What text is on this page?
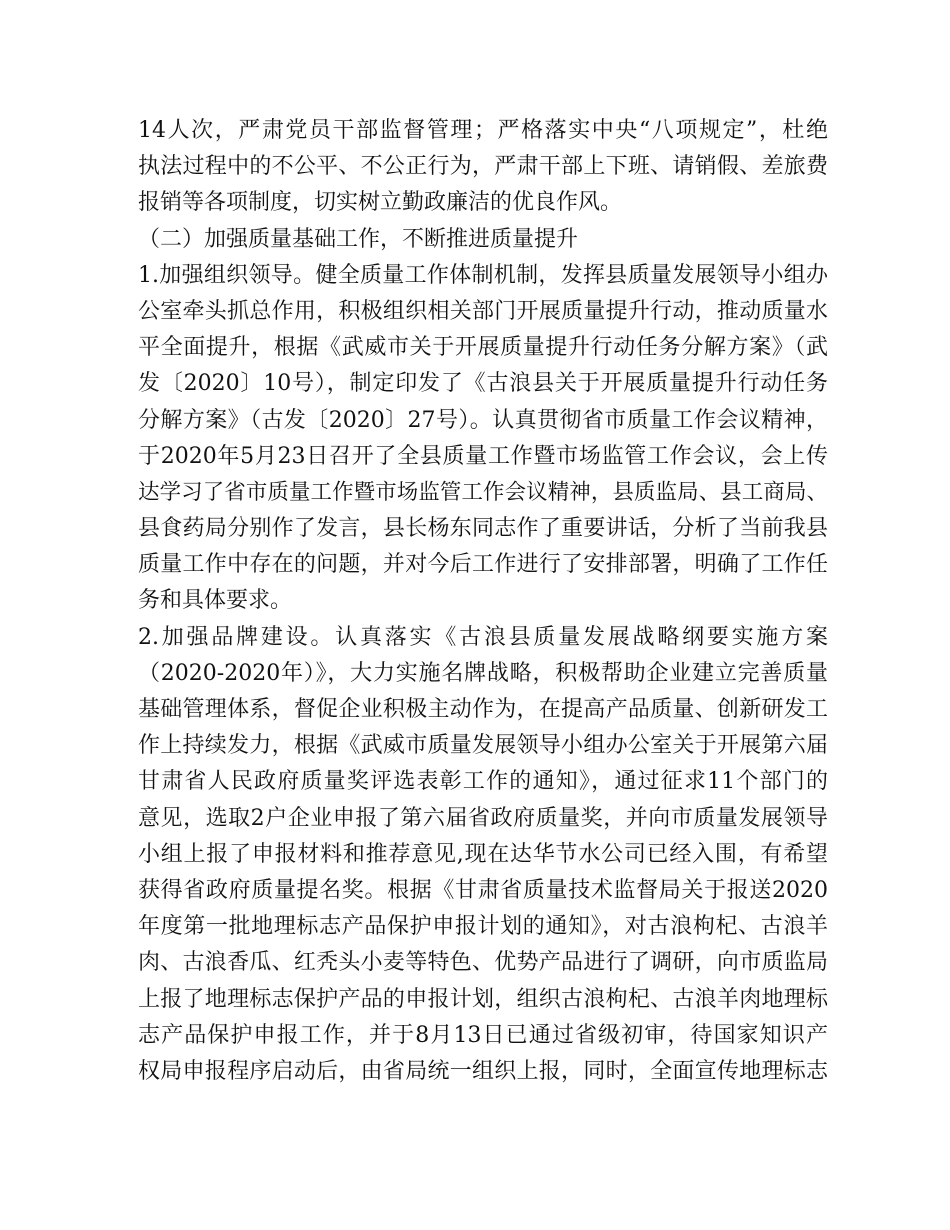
14人次，严肃党员干部监督管理；严格落实中央“八项规定”，杜绝
执法过程中的不公平、不公正行为，严肃干部上下班、请销假、差旅费
报销等各项制度，切实树立勤政廉洁的优良作风。
（二）加强质量基础工作，不断推进质量提升
1.加强组织领导。健全质量工作体制机制，发挥县质量发展领导小组办
公室牵头抓总作用，积极组织相关部门开展质量提升行动，推动质量水
平全面提升，根据《武威市关于开展质量提升行动任务分解方案》（武
发〔2020〕10号），制定印发了《古浪县关于开展质量提升行动任务
分解方案》（古发〔2020〕27号）。认真贯彻省市质量工作会议精神，
于2020年5月23日召开了全县质量工作暨市场监管工作会议，会上传
达学习了省市质量工作暨市场监管工作会议精神，县质监局、县工商局、
县食药局分别作了发言，县长杨东同志作了重要讲话，分析了当前我县
质量工作中存在的问题，并对今后工作进行了安排部署，明确了工作任
务和具体要求。
2.加强品牌建设。认真落实《古浪县质量发展战略纲要实施方案
（2020-2020年）》，大力实施名牌战略，积极帮助企业建立完善质量
基础管理体系，督促企业积极主动作为，在提高产品质量、创新研发工
作上持续发力，根据《武威市质量发展领导小组办公室关于开展第六届
甘肃省人民政府质量奖评选表彰工作的通知》，通过征求11个部门的
意见，选取2户企业申报了第六届省政府质量奖，并向市质量发展领导
小组上报了申报材料和推荐意见,现在达华节水公司已经入围，有希望
获得省政府质量提名奖。根据《甘肃省质量技术监督局关于报送2020
年度第一批地理标志产品保护申报计划的通知》，对古浪枸杞、古浪羊
肉、古浪香瓜、红秃头小麦等特色、优势产品进行了调研，向市质监局
上报了地理标志保护产品的申报计划，组织古浪枸杞、古浪羊肉地理标
志产品保护申报工作，并于8月13日已通过省级初审，待国家知识产
权局申报程序启动后，由省局统一组织上报，同时，全面宣传地理标志
